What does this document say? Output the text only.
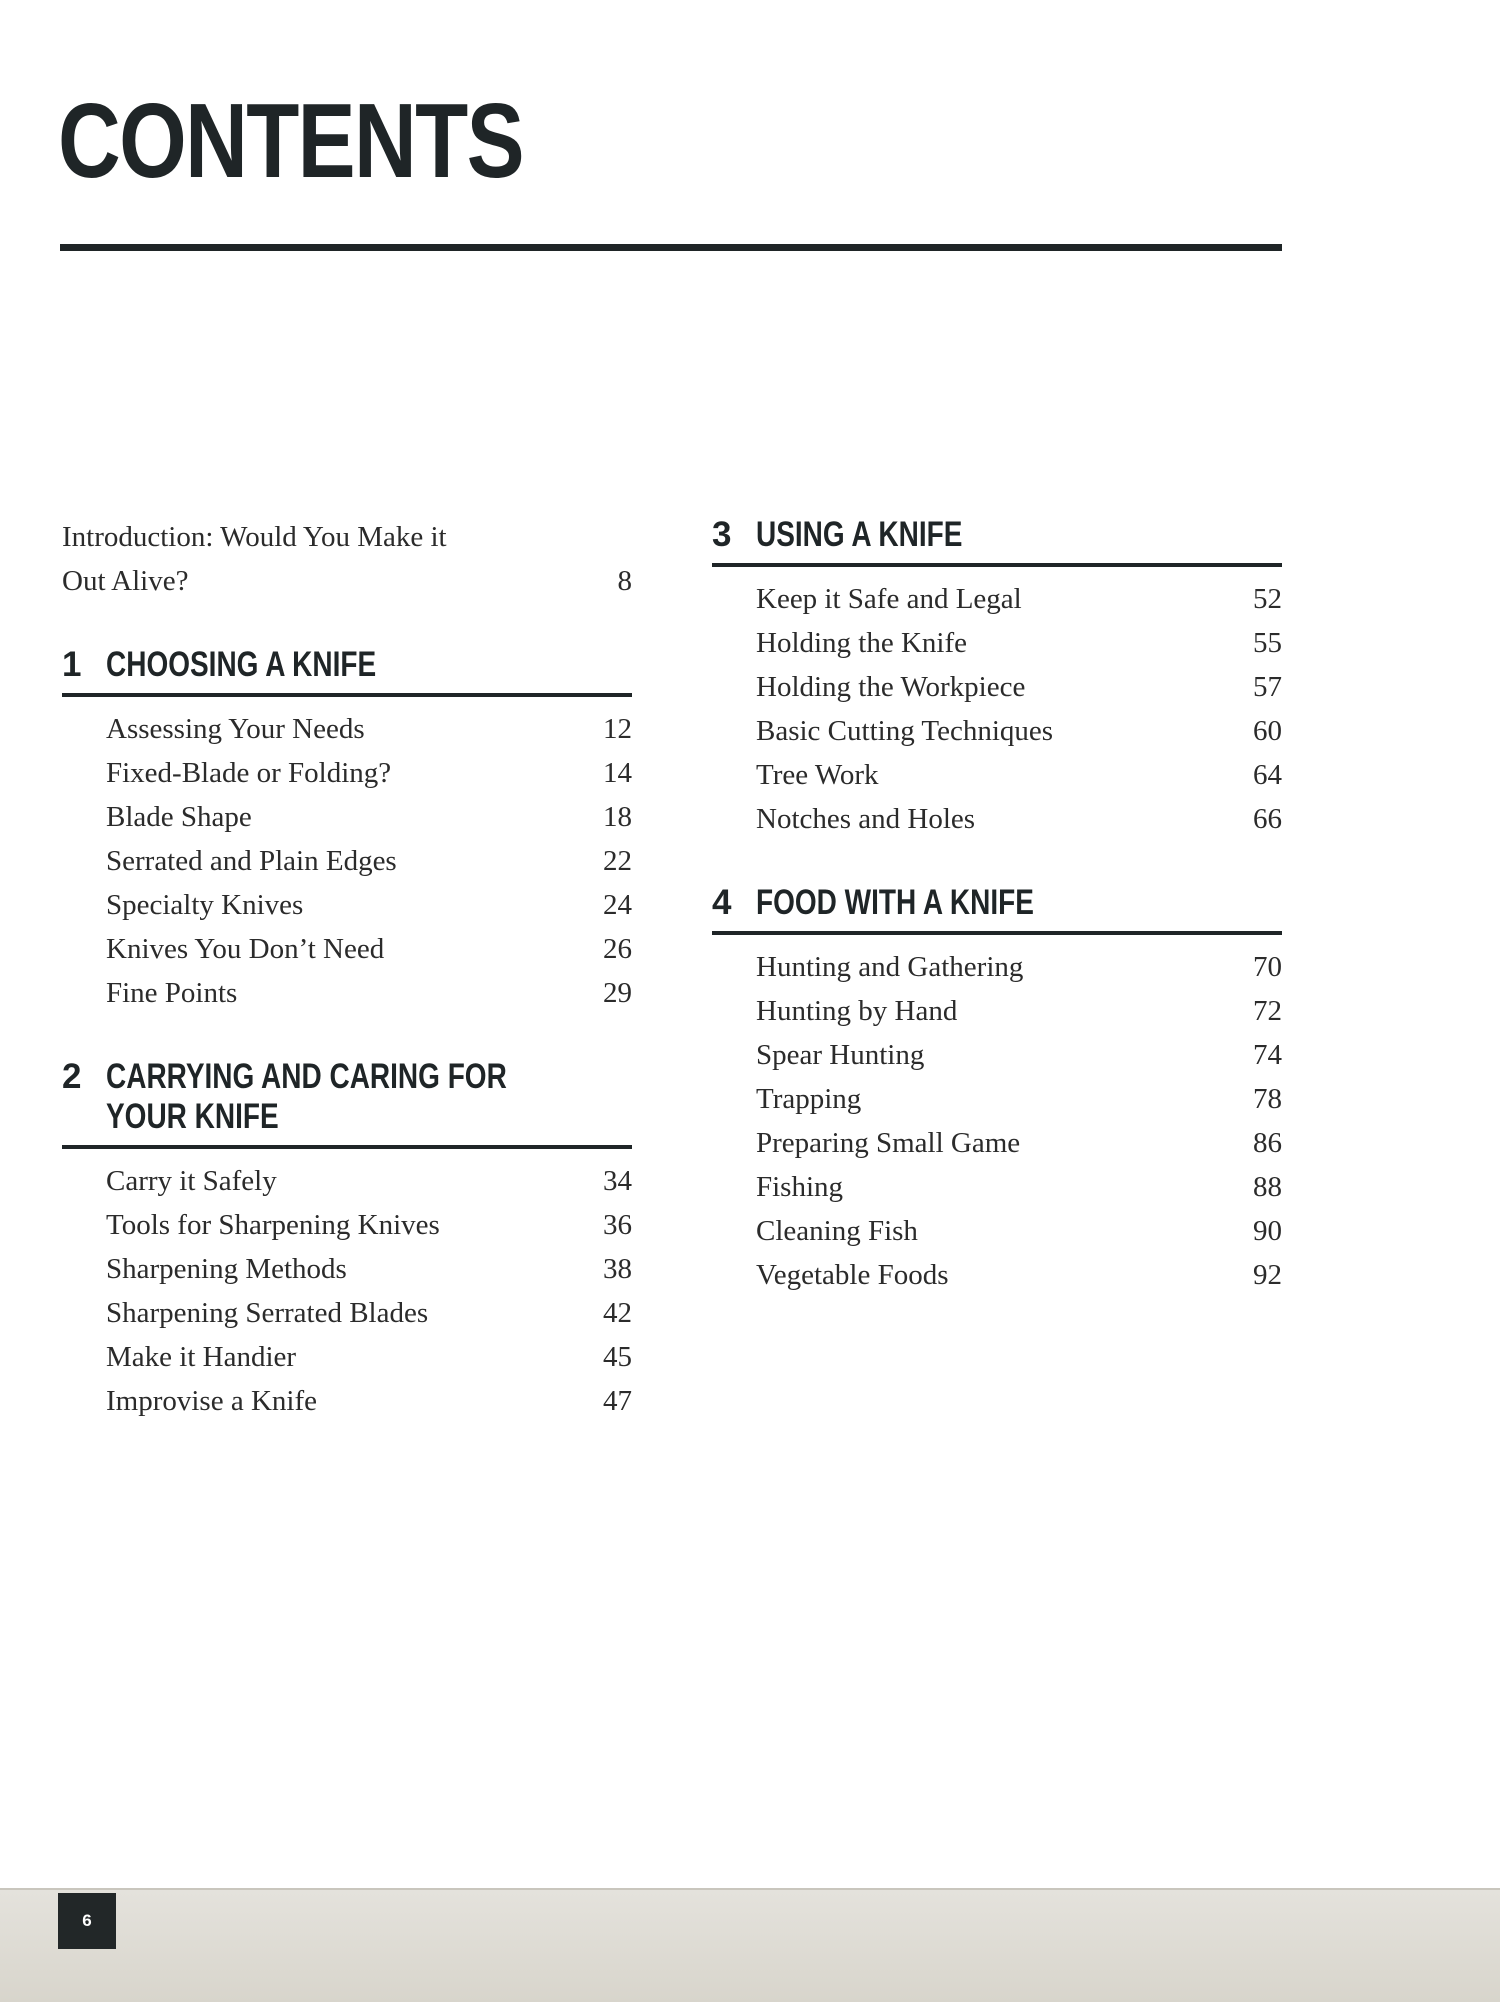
CONTENTS
Introduction: Would You Make it
Out Alive?	8
1 CHOOSING A KNIFE
Assessing Your Needs	12
Fixed-Blade or Folding?	14
Blade Shape	18
Serrated and Plain Edges	22
Specialty Knives	24
Knives You Don’t Need	26
Fine Points	29
2 CARRYING AND CARING FOR
YOUR KNIFE
Carry it Safely	34
Tools for Sharpening Knives	36
Sharpening Methods	38
Sharpening Serrated Blades	42
Make it Handier	45
Improvise a Knife	47
3 USING A KNIFE
Keep it Safe and Legal	52
Holding the Knife	55
Holding the Workpiece	57
Basic Cutting Techniques	60
Tree Work	64
Notches and Holes	66
4 FOOD WITH A KNIFE
Hunting and Gathering	70
Hunting by Hand	72
Spear Hunting	74
Trapping	78
Preparing Small Game	86
Fishing	88
Cleaning Fish	90
Vegetable Foods	92
6
